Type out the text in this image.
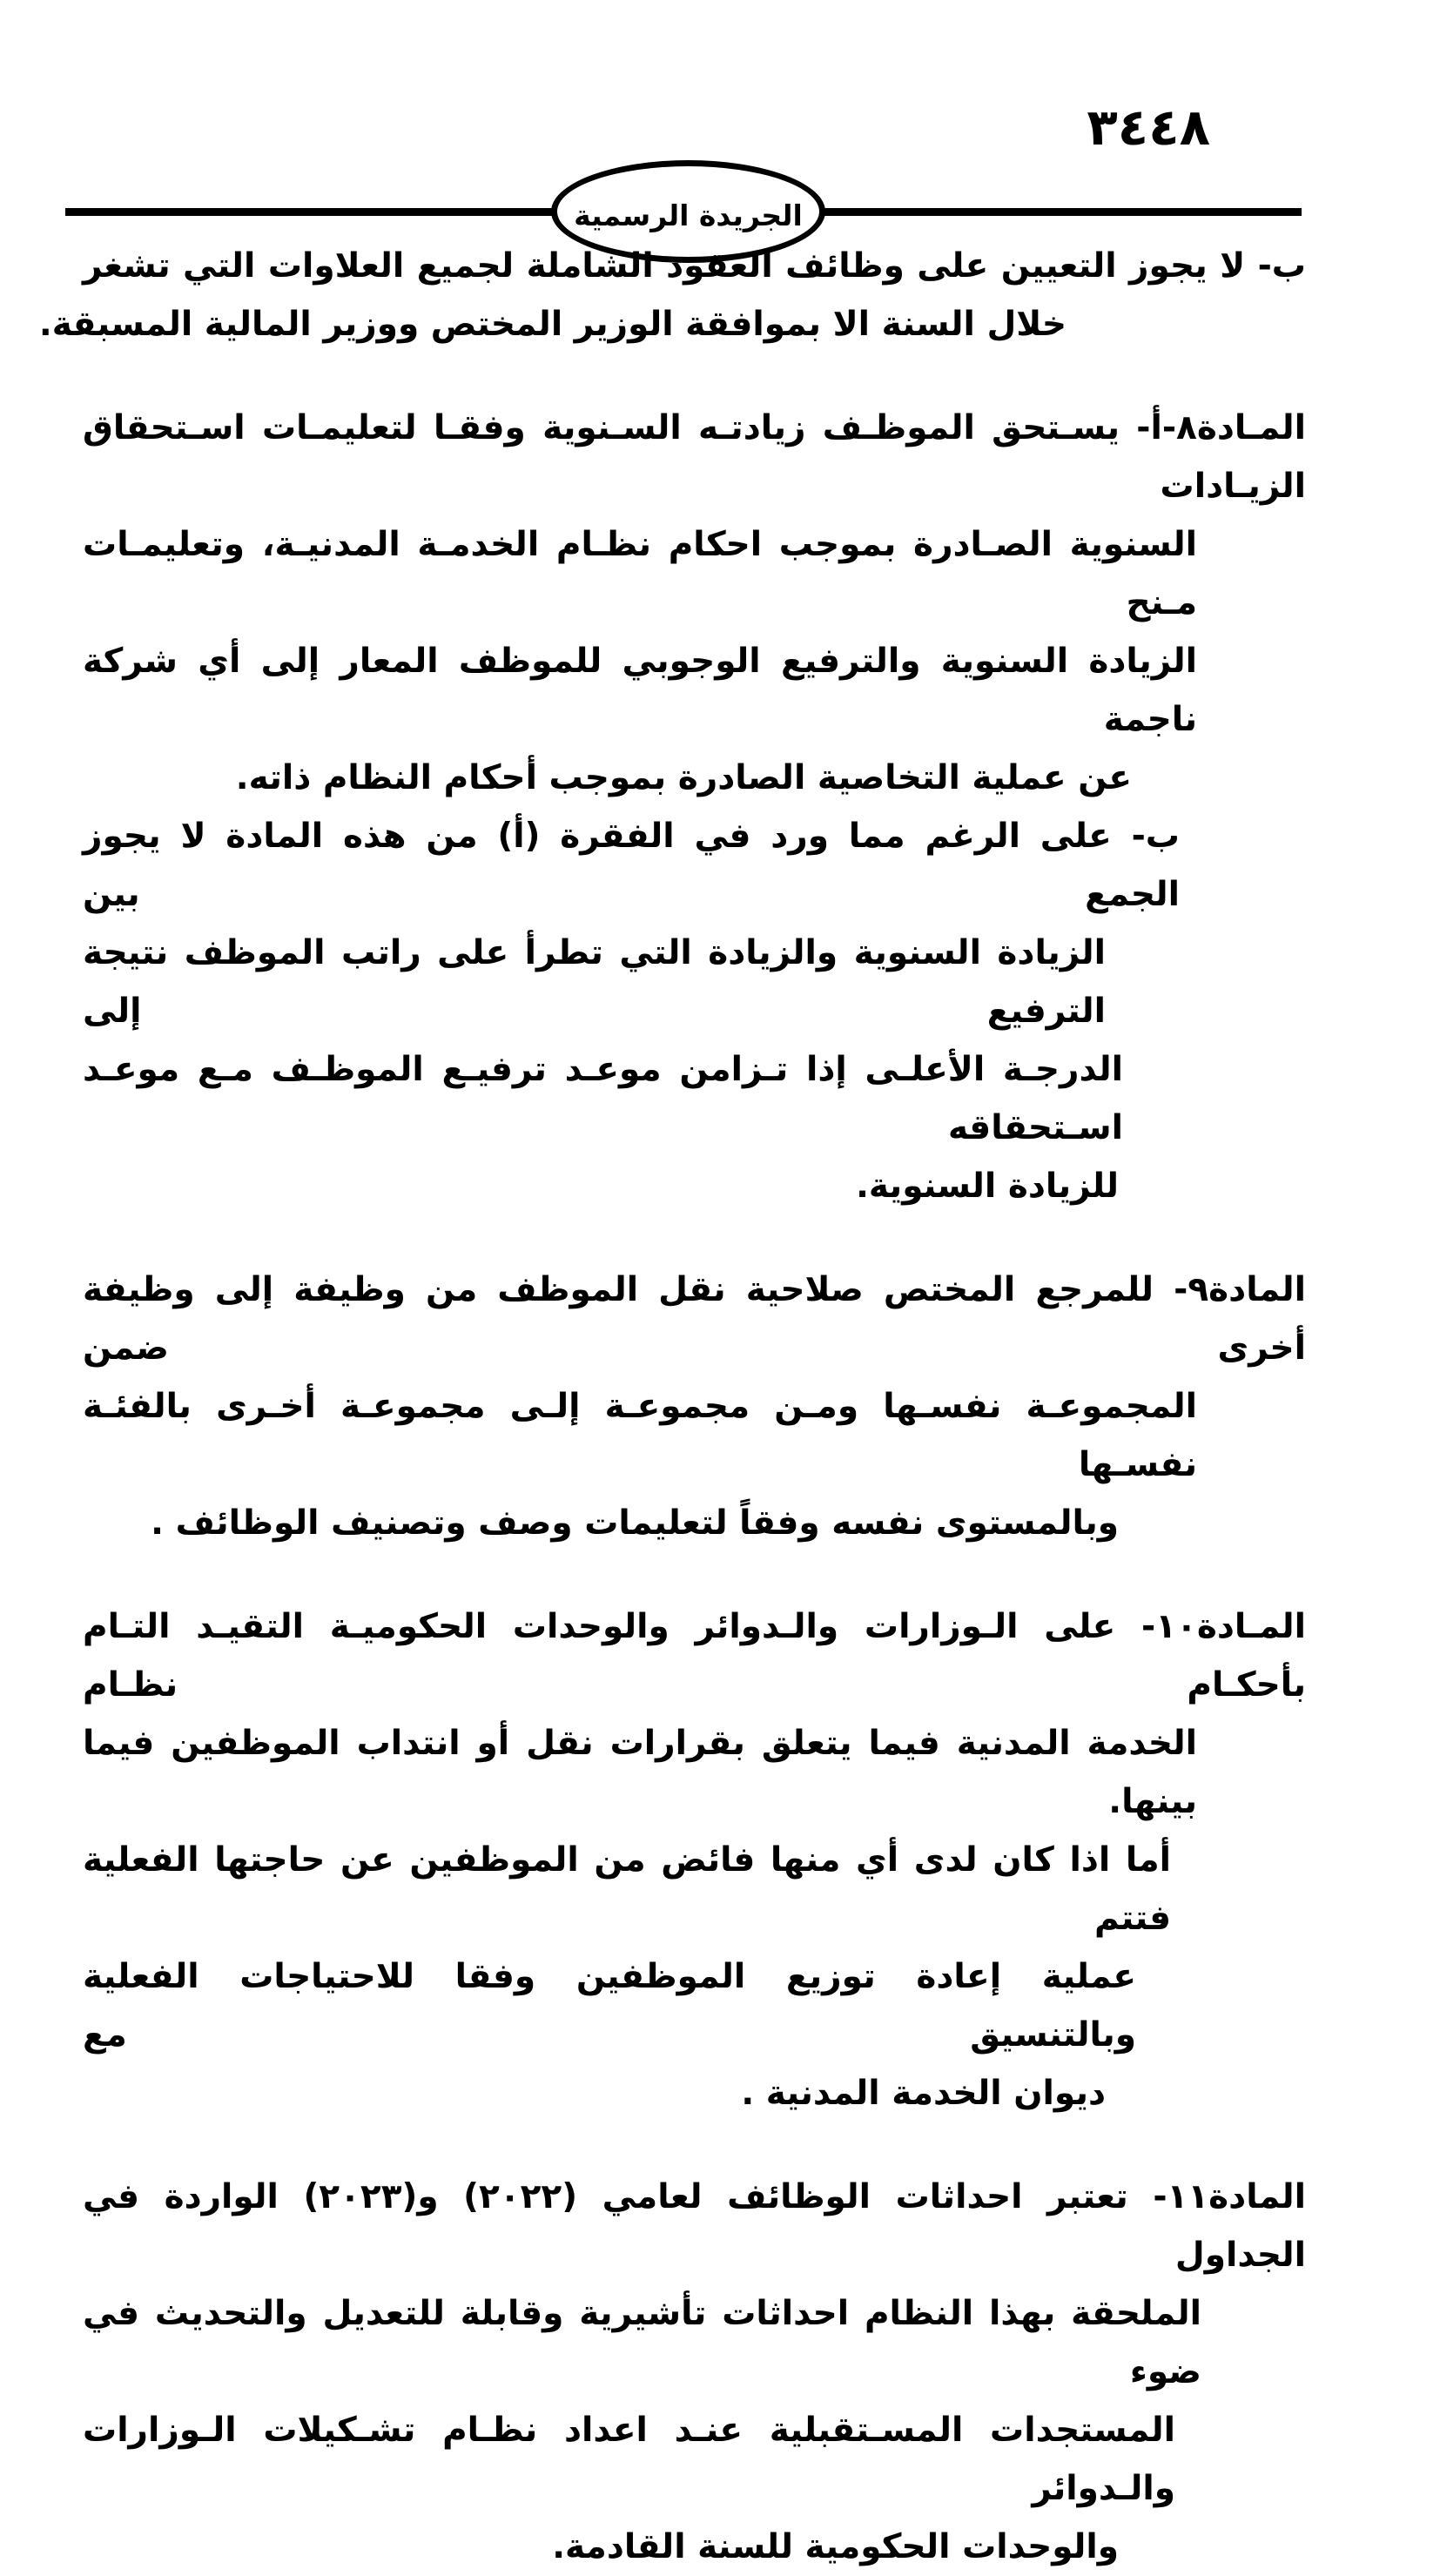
٣٤٤٨
الجريدة الرسمية
ب- لا يجوز التعيين على وظائف العقود الشاملة لجميع العلاوات التي تشغر
خلال السنة الا بموافقة الوزير المختص ووزير المالية المسبقة.
المـادة٨-أ- يسـتحق الموظـف زيادتـه السـنوية وفقـا لتعليمـات اسـتحقاق الزيـادات
السنوية الصـادرة بموجب احكام نظـام الخدمـة المدنيـة، وتعليمـات مـنح
الزيادة السنوية والترفيع الوجوبي للموظف المعار إلى أي شركة ناجمة
عن عملية التخاصية الصادرة بموجب أحكام النظام ذاته.
ب- على الرغم مما ورد في الفقرة (أ) من هذه المادة لا يجوز الجمع بين
الزيادة السنوية والزيادة التي تطرأ على راتب الموظف نتيجة الترفيع إلى
الدرجـة الأعلـى إذا تـزامن موعـد ترفيـع الموظـف مـع موعـد اسـتحقاقه
للزيادة السنوية.
المادة٩- للمرجع المختص صلاحية نقل الموظف من وظيفة إلى وظيفة أخرى ضمن
المجموعـة نفسـها ومـن مجموعـة إلـى مجموعـة أخـرى بالفئـة نفسـها
وبالمستوى نفسه وفقاً لتعليمات وصف وتصنيف الوظائف .
المـادة١٠- على الـوزارات والـدوائر والوحدات الحكوميـة التقيـد التـام بأحكـام نظـام
الخدمة المدنية فيما يتعلق بقرارات نقل أو انتداب الموظفين فيما بينها.
أما اذا كان لدى أي منها فائض من الموظفين عن حاجتها الفعلية فتتم
عملية إعادة توزيع الموظفين وفقا للاحتياجات الفعلية وبالتنسيق مع
ديوان الخدمة المدنية .
المادة١١- تعتبر احداثات الوظائف لعامي (٢٠٢٢) و(٢٠٢٣) الواردة في الجداول
الملحقة بهذا النظام احداثات تأشيرية وقابلة للتعديل والتحديث في ضوء
المستجدات المسـتقبلية عنـد اعداد نظـام تشـكيلات الـوزارات والـدوائر
والوحدات الحكومية للسنة القادمة.
